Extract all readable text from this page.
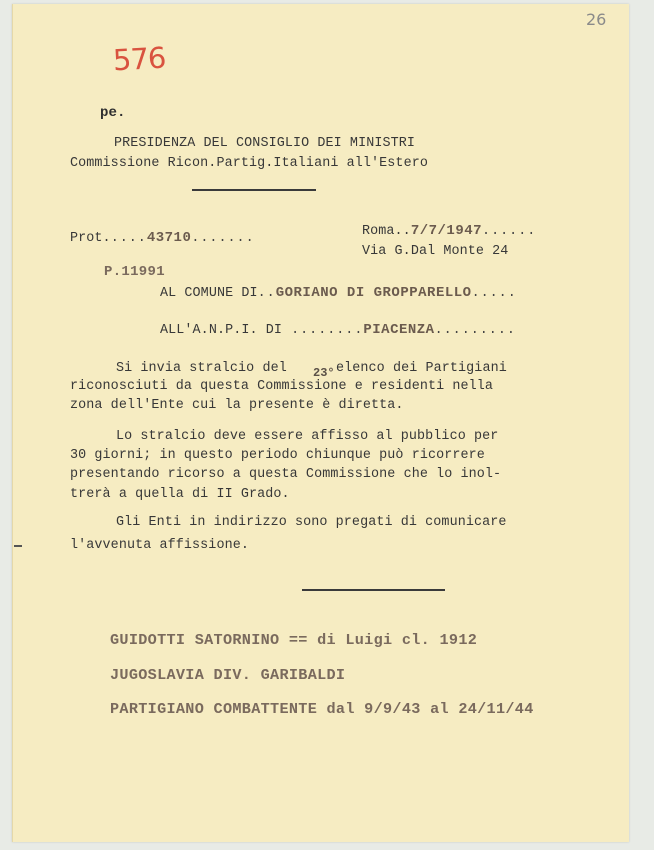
576
26
pe.
PRESIDENZA DEL CONSIGLIO DEI MINISTRI
Commissione Ricon.Partig.Italiani all'Estero
Prot.....43710.......	Roma..7/7/1947......
Via G.Dal Monte 24
P.11991
AL COMUNE DI..GORIANO DI GROPPARELLO.....
ALL'A.N.P.I. DI ........PIACENZA.........
Si invia stralcio del 23° elenco dei Partigiani
riconosciuti da questa Commissione e residenti nella
zona dell'Ente cui la presente è diretta.
Lo stralcio deve essere affisso al pubblico per
30 giorni; in questo periodo chiunque può ricorrere
presentando ricorso a questa Commissione che lo inol-
trerà a quella di II Grado.
Gli Enti in indirizzo sono pregati di comunicare
l'avvenuta affissione.
GUIDOTTI SATORNINO == di Luigi cl. 1912
JUGOSLAVIA DIV. GARIBALDI
PARTIGIANO COMBATTENTE dal 9/9/43 al 24/11/44
